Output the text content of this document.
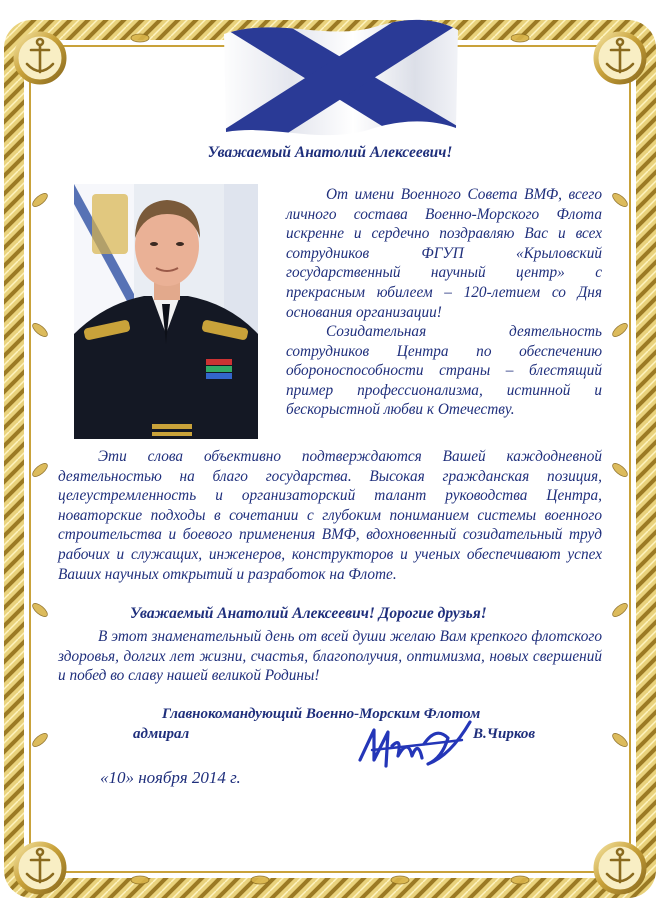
Уважаемый Анатолий Алексеевич!

От имени Военного Совета ВМФ, всего личного состава Военно-Морского Флота искренне и сердечно поздравляю Вас и всех сотрудников ФГУП «Крыловский государственный научный центр» с прекрасным юбилеем – 120-летием со Дня основания организации!

Созидательная деятельность сотрудников Центра по обеспечению обороноспособности страны – блестящий пример профессионализма, истинной и бескорыстной любви к Отечеству.

Эти слова объективно подтверждаются Вашей каждодневной деятельностью на благо государства. Высокая гражданская позиция, целеустремленность и организаторский талант руководства Центра, новаторские подходы в сочетании с глубоким пониманием системы военного строительства и боевого применения ВМФ, вдохновенный созидательный труд рабочих и служащих, инженеров, конструкторов и ученых обеспечивают успех Ваших научных открытий и разработок на Флоте.

Уважаемый Анатолий Алексеевич! Дорогие друзья!

В этот знаменательный день от всей души желаю Вам крепкого флотского здоровья, долгих лет жизни, счастья, благополучия, оптимизма, новых свершений и побед во славу нашей великой Родины!

Главнокомандующий Военно-Морским Флотом

адмирал	В.Чирков

«10» ноября 2014 г.
